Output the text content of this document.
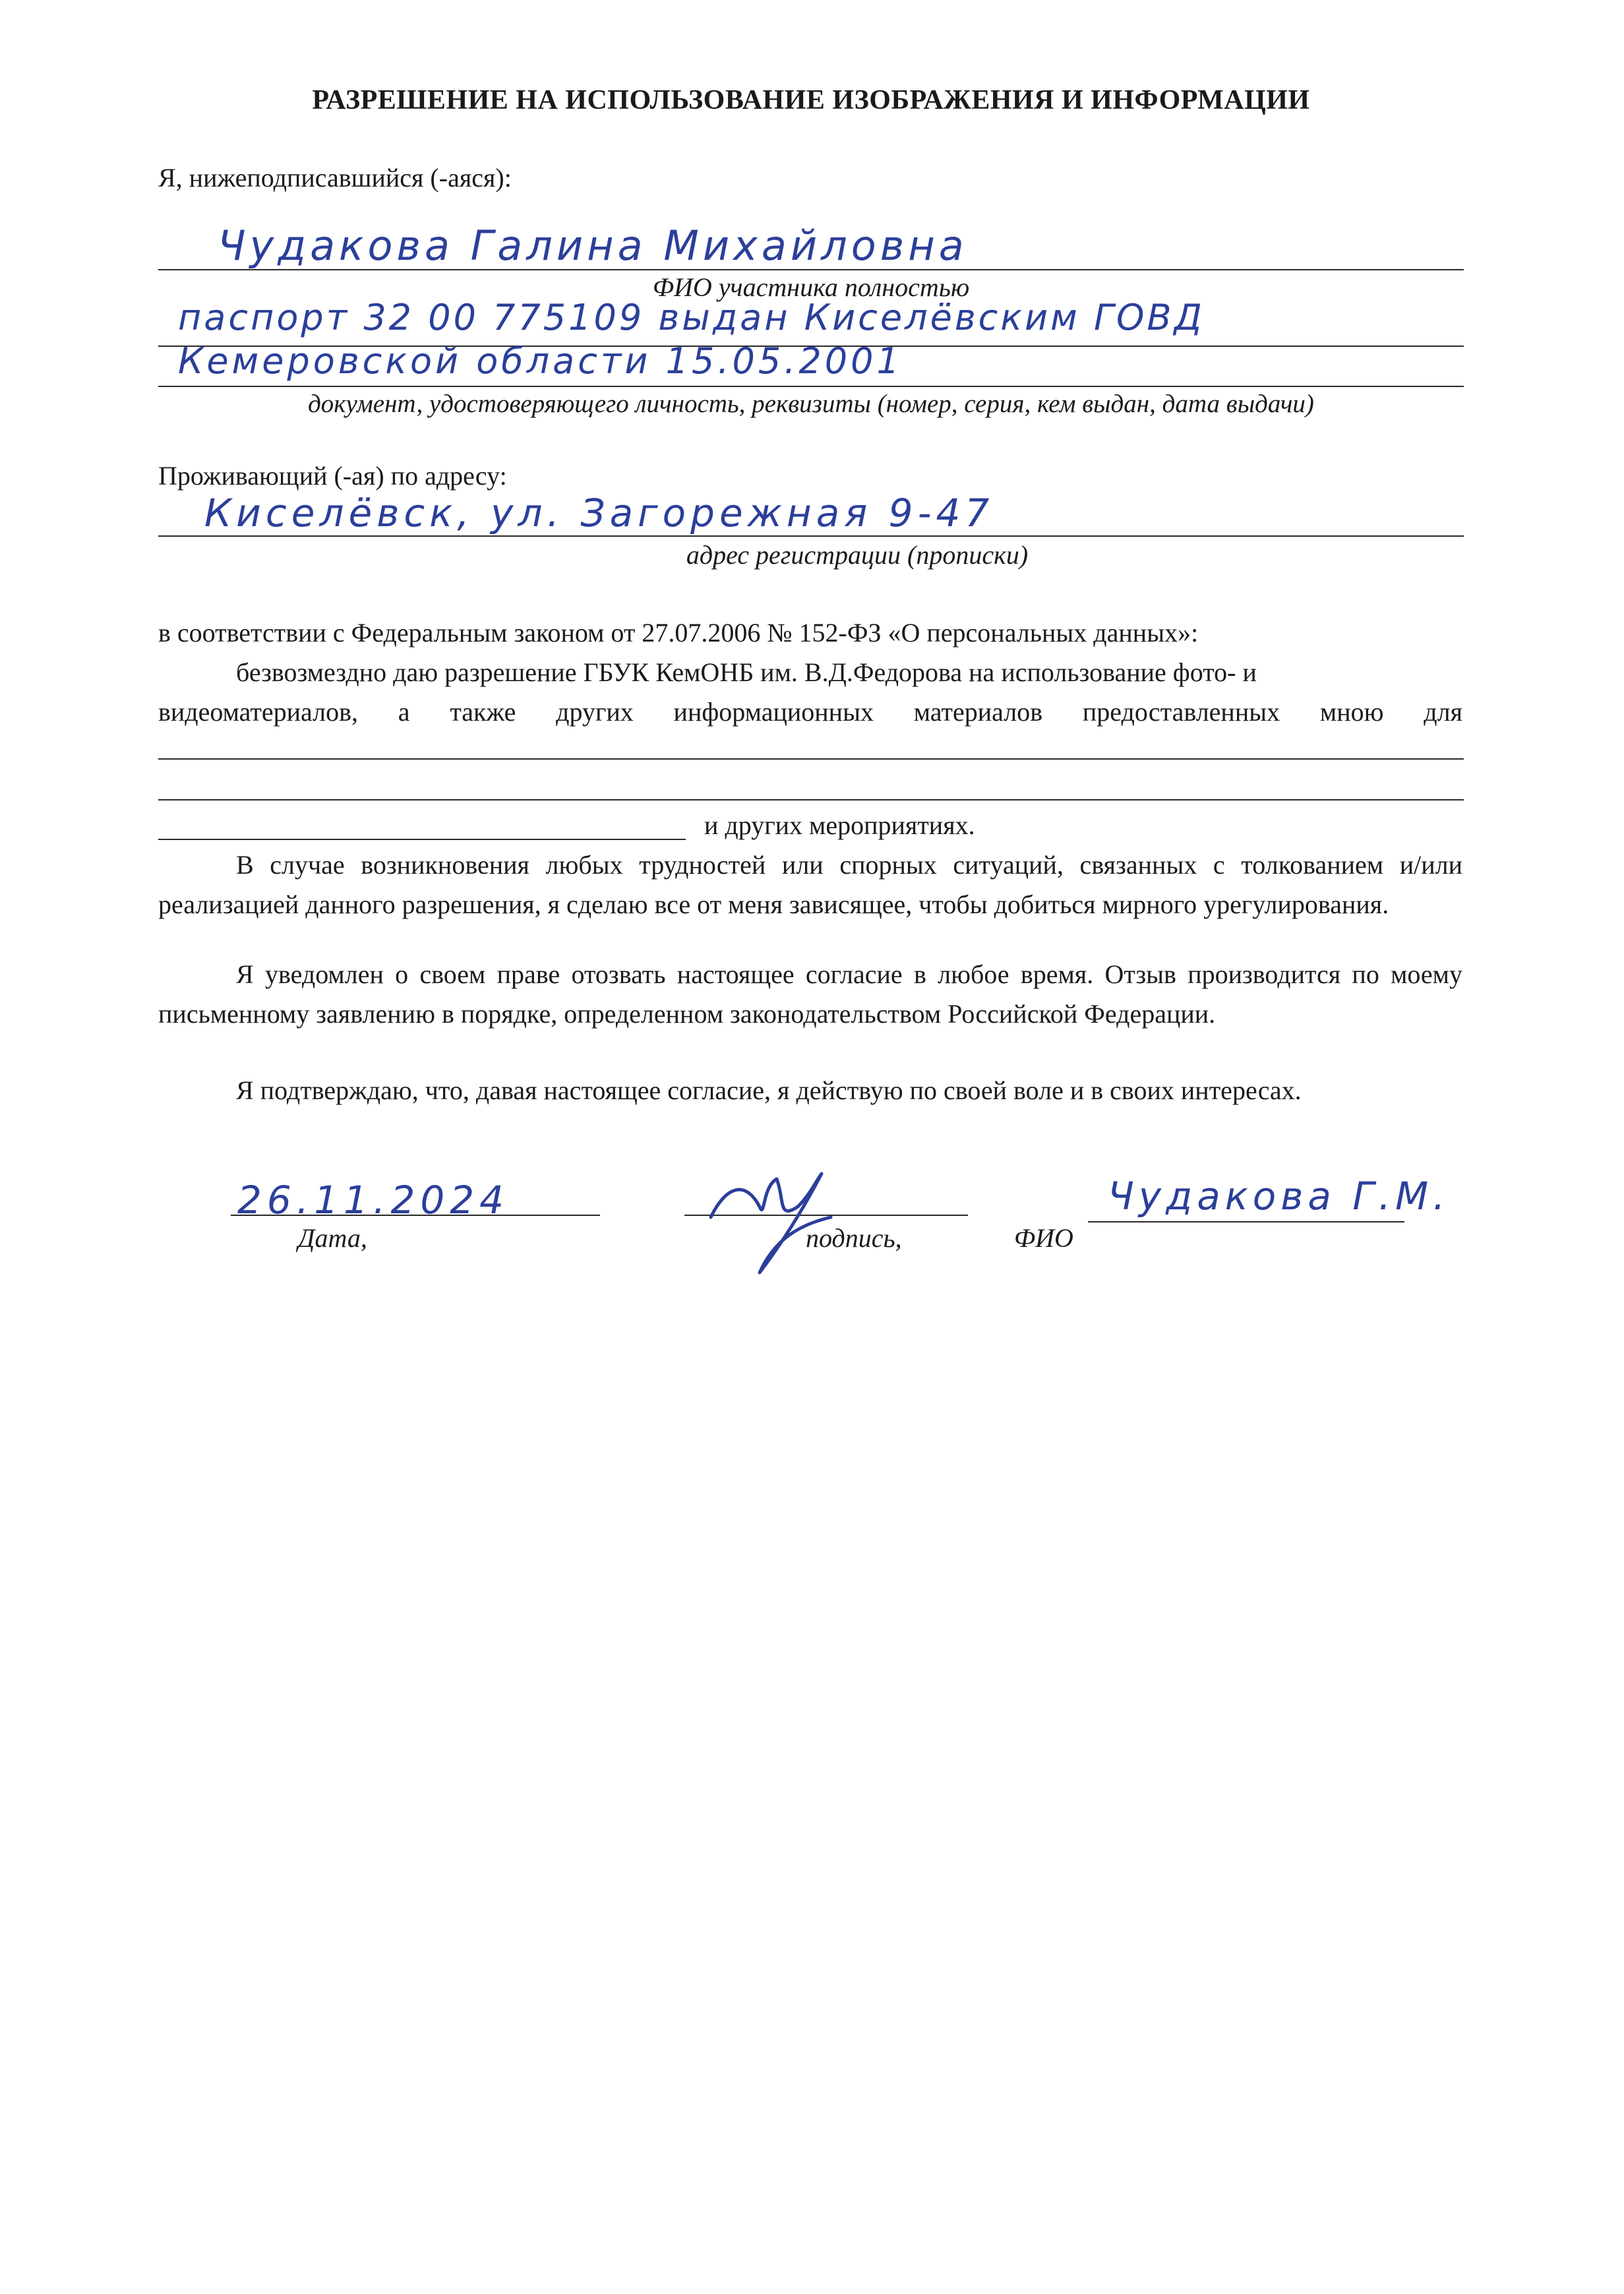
РАЗРЕШЕНИЕ НА ИСПОЛЬЗОВАНИЕ ИЗОБРАЖЕНИЯ И ИНФОРМАЦИИ
Я, нижеподписавшийся (-аяся):
Чудакова Галина Михайловна
ФИО участника полностью
паспорт 32 00 775109 выдан Киселёвским ГОВД
Кемеровской области 15.05.2001
документ, удостоверяющего личность, реквизиты (номер, серия, кем выдан, дата выдачи)
Проживающий (-ая) по адресу:
Киселёвск, ул. Загорежная 9-47
адрес регистрации (прописки)
в соответствии с Федеральным законом от 27.07.2006 № 152-ФЗ «О персональных данных»:
безвозмездно даю разрешение ГБУК КемОНБ им. В.Д.Федорова на использование фото- и
видеоматериалов, а также других информационных материалов предоставленных мною для
и других мероприятиях.
В случае возникновения любых трудностей или спорных ситуаций, связанных с толкованием и/или реализацией данного разрешения, я сделаю все от меня зависящее, чтобы добиться мирного урегулирования.
Я уведомлен о своем праве отозвать настоящее согласие в любое время. Отзыв производится по моему письменному заявлению в порядке, определенном законодательством Российской Федерации.
Я подтверждаю, что, давая настоящее согласие, я действую по своей воле и в своих интересах.
26.11.2024
Дата,	подпись,	ФИО
Чудакова Г.М.
